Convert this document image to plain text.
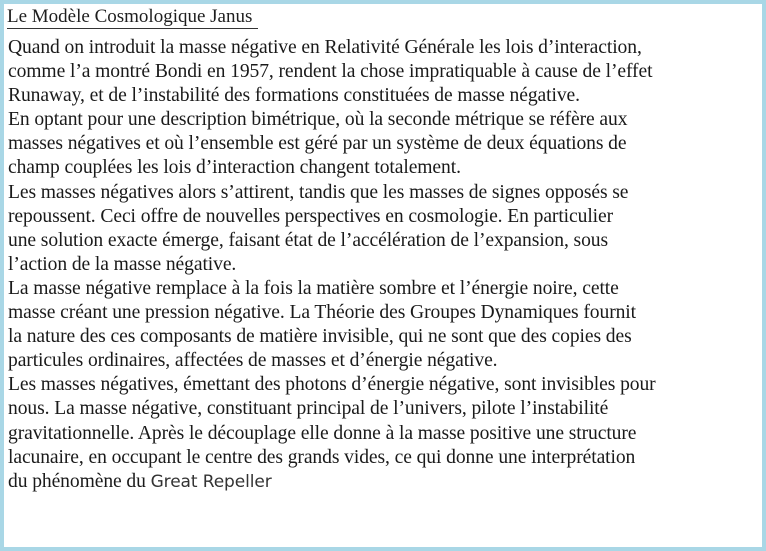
Le Modèle Cosmologique Janus
Quand on introduit la masse négative en Relativité Générale les lois d’interaction,
comme l’a montré Bondi en 1957, rendent la chose impratiquable à cause de l’effet
Runaway, et de l’instabilité des formations constituées de masse négative.
En optant pour une description bimétrique, où la seconde métrique se réfère aux
masses négatives et où l’ensemble est géré par un système de deux équations de
champ couplées les lois d’interaction changent totalement.
Les masses négatives alors s’attirent, tandis que les masses de signes opposés se
repoussent. Ceci offre de nouvelles perspectives en cosmologie. En particulier
une solution exacte émerge, faisant état de l’accélération de l’expansion, sous
l’action de la masse négative.
La masse négative remplace à la fois la matière sombre et l’énergie noire, cette
masse créant une pression négative. La Théorie des Groupes Dynamiques fournit
la nature des ces composants de matière invisible, qui ne sont que des copies des
particules ordinaires, affectées de masses et d’énergie négative.
Les masses négatives, émettant des photons d’énergie négative, sont invisibles pour
nous. La masse négative, constituant principal de l’univers, pilote l’instabilité
gravitationnelle. Après le découplage elle donne à la masse positive une structure
lacunaire, en occupant le centre des grands vides, ce qui donne une interprétation
du phénomène du Great Repeller
